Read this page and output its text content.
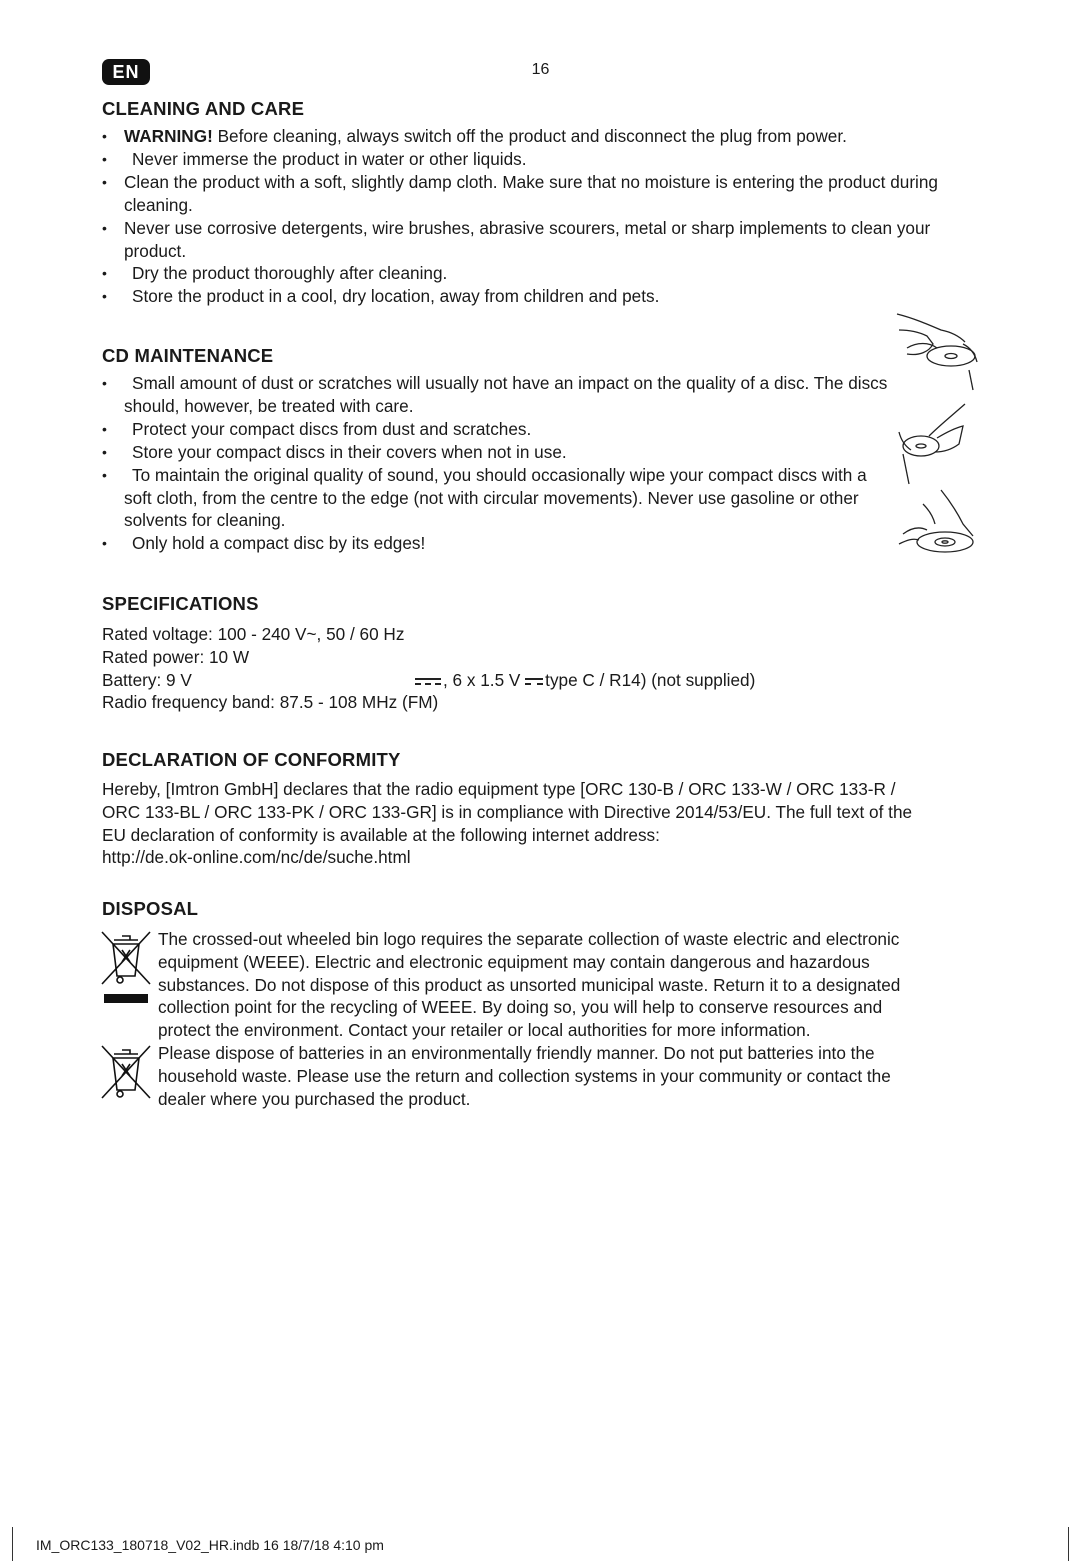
EN	16
CLEANING AND CARE
• WARNING! Before cleaning, always switch off the product and disconnect the plug from power.
• Never immerse the product in water or other liquids.
• Clean the product with a soft, slightly damp cloth. Make sure that no moisture is entering the product during cleaning.
• Never use corrosive detergents, wire brushes, abrasive scourers, metal or sharp implements to clean your product.
• Dry the product thoroughly after cleaning.
• Store the product in a cool, dry location, away from children and pets.
CD MAINTENANCE
• Small amount of dust or scratches will usually not have an impact on the quality of a disc. The discs should, however, be treated with care.
• Protect your compact discs from dust and scratches.
• Store your compact discs in their covers when not in use.
• To maintain the original quality of sound, you should occasionally wipe your compact discs with a soft cloth, from the centre to the edge (not with circular movements). Never use gasoline or other solvents for cleaning.
• Only hold a compact disc by its edges!
SPECIFICATIONS
Rated voltage: 100 - 240 V~, 50 / 60 Hz
Rated power: 10 W
Battery: 9 V	, 6 x 1.5 V type C / R14) (not supplied)
Radio frequency band: 87.5 - 108 MHz (FM)
DECLARATION OF CONFORMITY
Hereby, [Imtron GmbH] declares that the radio equipment type [ORC 130-B / ORC 133-W / ORC 133-R /
ORC 133-BL / ORC 133-PK / ORC 133-GR] is in compliance with Directive 2014/53/EU. The full text of the
EU declaration of conformity is available at the following internet address:
http://de.ok-online.com/nc/de/suche.html
DISPOSAL
The crossed-out wheeled bin logo requires the separate collection of waste electric and electronic
equipment (WEEE). Electric and electronic equipment may contain dangerous and hazardous
substances. Do not dispose of this product as unsorted municipal waste. Return it to a designated
collection point for the recycling of WEEE. By doing so, you will help to conserve resources and
protect the environment. Contact your retailer or local authorities for more information.
Please dispose of batteries in an environmentally friendly manner. Do not put batteries into the
household waste. Please use the return and collection systems in your community or contact the
dealer where you purchased the product.
IM_ORC133_180718_V02_HR.indb 16 18/7/18 4:10 pm
